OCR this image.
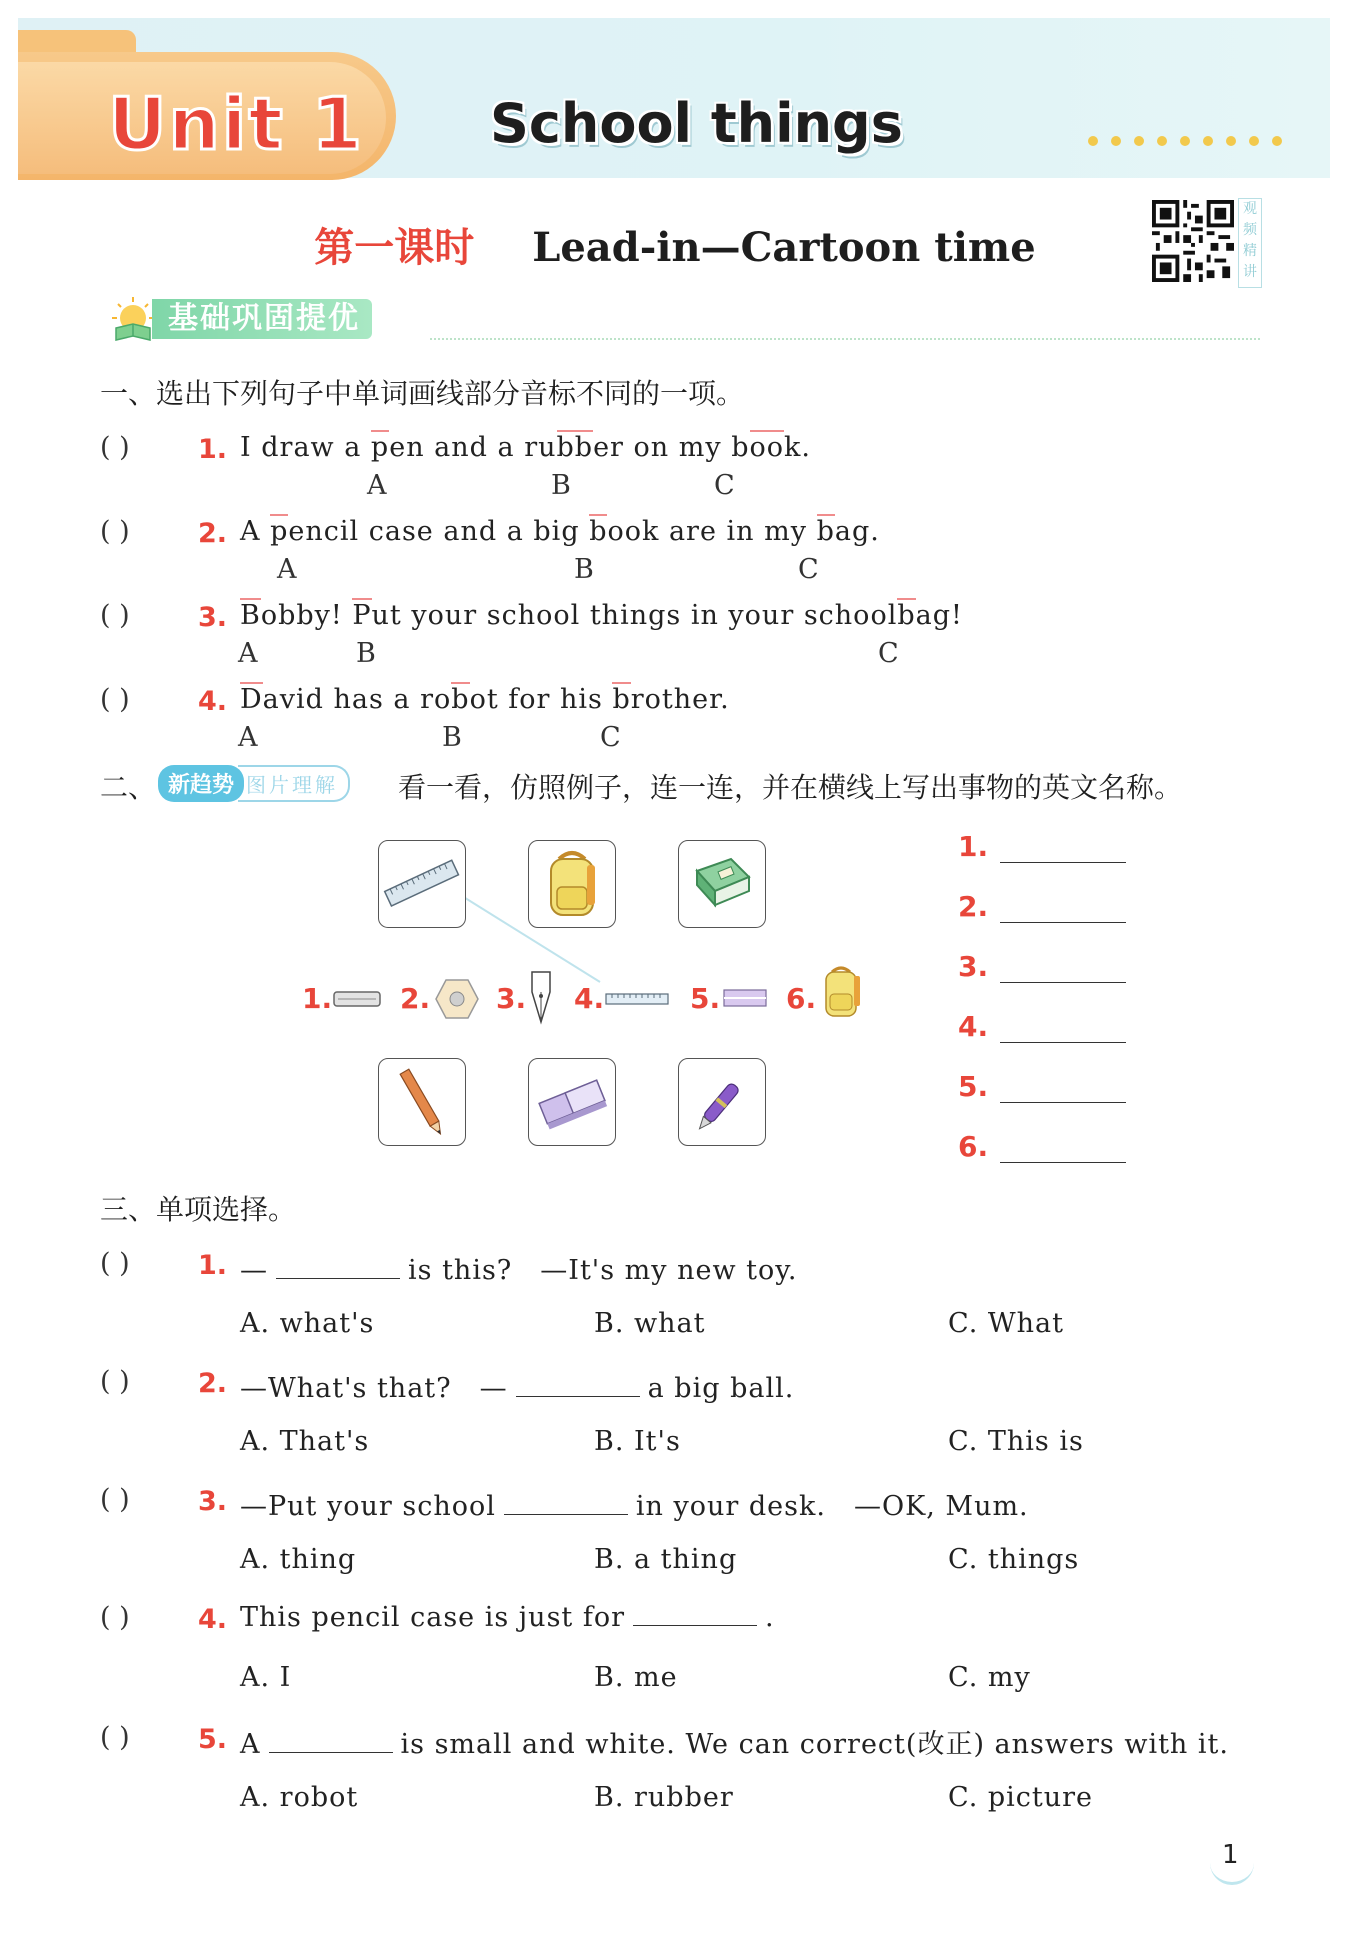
Unit 1 School things
第一课时 Lead-in—Cartoon time
观
频
精
讲
基础巩固提优
一、选出下列句子中单词画线部分音标不同的一项。
( )	1. I draw a pen and a rubber on my book.
A	B	C
( )	2. A pencil case and a big book are in my bag.
A	B	C
( )	3. Bobby! Put your school things in your schoolbag!
A	B	C
( )	4. David has a robot for his brother.
A	B	C
二、 新趋势 图片理解	看一看，仿照例子，连一连，并在横线上写出事物的英文名称。
1. 2. 3. 4.	5. 6.
1.
2.
3.
4.
5.
6.
三、单项选择。
( )	1. —	is this?　—It's my new toy.
A. what's	B. what	C. What
( )	2. —What's that?　—	a big ball.
A. That's	B. It's	C. This is
( )	3. —Put your school	in your desk.　—OK, Mum.
A. thing	B. a thing	C. things
( )	4. This pencil case is just for	.
A. I	B. me	C. my
( )	5. A	is small and white. We can correct(改正) answers with it.
A. robot	B. rubber	C. picture
1
